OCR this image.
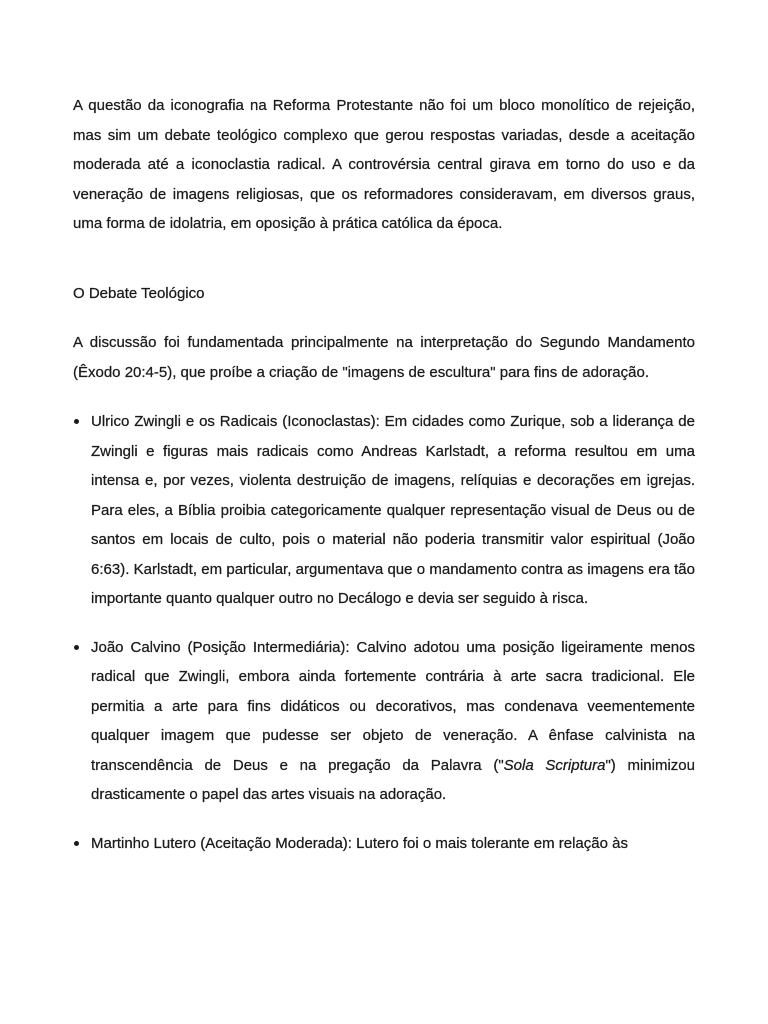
A questão da iconografia na Reforma Protestante não foi um bloco monolítico de rejeição, mas sim um debate teológico complexo que gerou respostas variadas, desde a aceitação moderada até a iconoclastia radical. A controvérsia central girava em torno do uso e da veneração de imagens religiosas, que os reformadores consideravam, em diversos graus, uma forma de idolatria, em oposição à prática católica da época.

O Debate Teológico

A discussão foi fundamentada principalmente na interpretação do Segundo Mandamento (Êxodo 20:4-5), que proíbe a criação de "imagens de escultura" para fins de adoração.

Ulrico Zwingli e os Radicais (Iconoclastas): Em cidades como Zurique, sob a liderança de Zwingli e figuras mais radicais como Andreas Karlstadt, a reforma resultou em uma intensa e, por vezes, violenta destruição de imagens, relíquias e decorações em igrejas. Para eles, a Bíblia proibia categoricamente qualquer representação visual de Deus ou de santos em locais de culto, pois o material não poderia transmitir valor espiritual (João 6:63). Karlstadt, em particular, argumentava que o mandamento contra as imagens era tão importante quanto qualquer outro no Decálogo e devia ser seguido à risca.

João Calvino (Posição Intermediária): Calvino adotou uma posição ligeiramente menos radical que Zwingli, embora ainda fortemente contrária à arte sacra tradicional. Ele permitia a arte para fins didáticos ou decorativos, mas condenava veementemente qualquer imagem que pudesse ser objeto de veneração. A ênfase calvinista na transcendência de Deus e na pregação da Palavra ("Sola Scriptura") minimizou drasticamente o papel das artes visuais na adoração.

Martinho Lutero (Aceitação Moderada): Lutero foi o mais tolerante em relação às
